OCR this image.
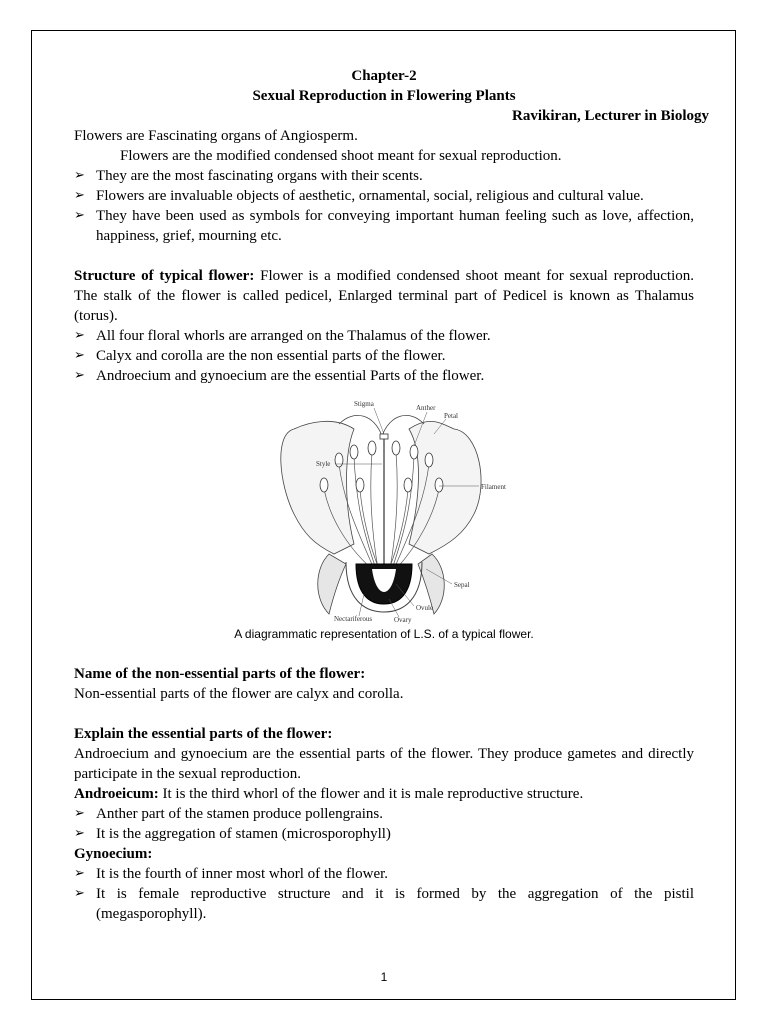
Chapter-2

Sexual Reproduction in Flowering Plants

Ravikiran, Lecturer in Biology

Flowers are Fascinating organs of Angiosperm.

Flowers are the modified condensed shoot meant for sexual reproduction.

➢ They are the most fascinating organs with their scents.
➢ Flowers are invaluable objects of aesthetic, ornamental, social, religious and cultural value.
➢ They have been used as symbols for conveying important human feeling such as love, affection, happiness, grief, mourning etc.

Structure of typical flower: Flower is a modified condensed shoot meant for sexual reproduction. The stalk of the flower is called pedicel, Enlarged terminal part of Pedicel is known as Thalamus (torus).

➢ All four floral whorls are arranged on the Thalamus of the flower.
➢ Calyx and corolla are the non essential parts of the flower.
➢ Androecium and gynoecium are the essential Parts of the flower.
Stigma	Anther
Petal
Style
Filament
Sepal
Ovule
Ovary
Nectariferous

A diagrammatic representation of L.S. of a typical flower.

Name of the non-essential parts of the flower:

Non-essential parts of the flower are calyx and corolla.

Explain the essential parts of the flower:

Androecium and gynoecium are the essential parts of the flower. They produce gametes and directly participate in the sexual reproduction.

Androeicum: It is the third whorl of the flower and it is male reproductive structure.

➢ Anther part of the stamen produce pollengrains.
➢ It is the aggregation of stamen (microsporophyll)

Gynoecium:

➢ It is the fourth of inner most whorl of the flower.
➢ It is female reproductive structure and it is formed by the aggregation of the pistil (megasporophyll).
1
